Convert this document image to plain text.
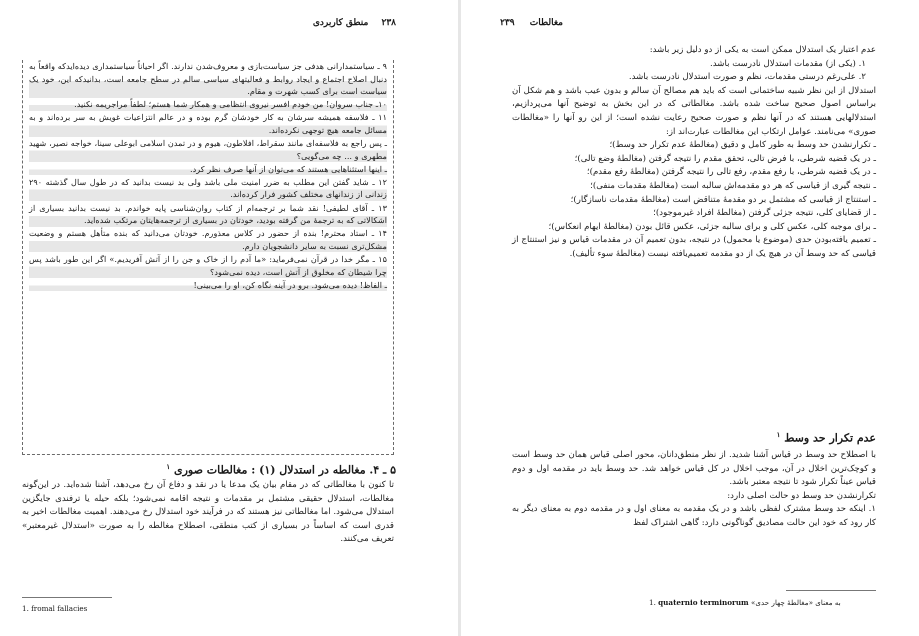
۲۳۸ منطق کاربردی

۹ ـ سیاستمدارانی هدفی جز سیاست‌بازی و معروف‌شدن ندارند. اگر احیاناً سیاستمداری دیده‌ایدکه واقعاً به دنبال اصلاح اجتماع و ایجاد روابط و فعالیتهای سیاسی سالم در سطح جامعه است، بدانیدکه این، خود یک سیاست است برای کسب شهرت و مقام.

۱۰ـ جناب سروان! من خودم افسر نیروی انتظامی و همکار شما هستم؛ لطفاً مراجریمه نکنید.

۱۱ ـ فلاسفه همیشه سرشان به کار خودشان گرم بوده و در عالم انتزاعیات غویش به سر برده‌اند و به مسائل جامعه هیچ توجهی نکرده‌اند.

ـ پس راجع به فلاسفه‌ای مانند سقراط، افلاطون، هیوم و در تمدن اسلامی ابوعلی سینا، خواجه نصیر، شهید مطهری و ... چه می‌گویی؟

ـ اینها استثناهایی هستند که می‌توان از آنها صرف نظر کرد.

۱۲ ـ شاید گفتن این مطلب به ضرر امنیت ملی باشد ولی بد نیست بدانید که در طول سال گذشته ۲۹۰ زندانی از زندانهای مختلف کشور فرار کرده‌اند.

۱۳ ـ آقای لطیفی! نقد شما بر ترجمه‌ام از کتاب روان‌شناسی پایه خواندم. بد نیست بدانید بسیاری از اشکالاتی که به ترجمهٔ من گرفته بودید، خودتان در بسیاری از ترجمه‌هایتان مرتکب شده‌اید.

۱۴ ـ استاد محترم! بنده از حضور در کلاس معذورم. خودتان می‌دانید که بنده متأهل هستم و وضعیت مشکل‌تری نسبت به سایر دانشجویان دارم.

۱۵ ـ مگر خدا در قرآن نمی‌فرماید: «ما آدم را از خاک و جن را از آتش آفریدیم.» اگر این طور باشد پس چرا شیطان که مخلوق از آتش است، دیده نمی‌شود؟

ـ الفاظ! دیده می‌شود. برو در آینه نگاه کن، او را می‌بینی!

۵ ـ ۴. مغالطه در استدلال (۱) : مغالطات صوری $^۱$

تا کنون با مغالطاتی که در مقام بیان یک مدعا یا در نقد و دفاع آن رخ می‌دهد، آشنا شده‌اید. در این‌گونه مغالطات، استدلال حقیقی مشتمل بر مقدمات و نتیجه اقامه نمی‌شود؛ بلکه حیله یا ترفندی جایگزین استدلال می‌شود. اما مغالطاتی نیز هستند که در فرآیند خود استدلال رخ می‌دهند. اهمیت مغالطات اخیر به قدری است که اساساً در بسیاری از کتب منطقی، اصطلاح مغالطه را به صورت «استدلال غیرمعتبر» تعریف می‌کنند.

1. fromal fallacies
مغالطات ۲۳۹

عدم اعتبار یک استدلال ممکن است به یکی از دو دلیل زیر باشد:

۱. (یکی از) مقدمات استدلال نادرست باشد.

۲. علی‌رغم درستی مقدمات، نظم و صورت استدلال نادرست باشد.

استدلال از این نظر شبیه ساختمانی است که باید هم مصالح آن سالم و بدون عیب باشد و هم شکل آن براساس اصول صحیح ساخت شده باشد. مغالطاتی که در این بخش به توضیح آنها می‌پردازیم، استدلالهایی هستند که در آنها نظم و صورت صحیح رعایت نشده است؛ از این رو آنها را «مغالطات صوری» می‌نامند. عوامل ارتکاب این مغالطات عبارت‌اند از:

ـ تکرارنشدن حد وسط به طور کامل و دقیق (مغالطهٔ عدم تکرار حد وسط)؛

ـ در یک قضیه شرطی، با فرض تالی، تحقق مقدم را نتیجه گرفتن (مغالطهٔ وضع تالی)؛

ـ در یک قضیه شرطی، با رفع مقدم، رفع تالی را نتیجه گرفتن (مغالطهٔ رفع مقدم)؛

ـ نتیجه گیری از قیاسی که هر دو مقدمه‌اش سالبه است (مغالطهٔ مقدمات منفی)؛

ـ استنتاج از قیاسی که مشتمل بر دو مقدمهٔ متناقض است (مغالطهٔ مقدمات ناسازگار)؛

ـ از قضایای کلی، نتیجه جزئی گرفتن (مغالطهٔ افراد غیرموجود)؛

ـ برای موجبه کلی، عکس کلی و برای سالبه جزئی، عکس قائل بودن (مغالطهٔ ایهام انعکاس)؛

ـ تعمیم یافته‌بودن حدی (موضوع یا محمول) در نتیجه، بدون تعمیم آن در مقدمات قیاس و نیز استنتاج از قیاسی که حد وسط آن در هیچ یک از دو مقدمه تعمیم‌یافته نیست (مغالطهٔ سوء تألیف).

عدم تکرار حد وسط $^۱$

با اصطلاح حد وسط در قیاس آشنا شدید. از نظر منطق‌دانان، محور اصلی قیاس همان حد وسط است و کوچک‌ترین اخلال در آن، موجب اخلال در کل قیاس خواهد شد. حد وسط باید در مقدمه اول و دوم قیاس عیناً تکرار شود تا نتیجه معتبر باشد.

تکرارنشدن حد وسط دو حالت اصلی دارد:

۱. اینکه حد وسط مشترک لفظی باشد و در یک مقدمه به معنای اول و در مقدمه دوم به معنای دیگر به کار رود که خود این حالت مصادیق گوناگونی دارد: گاهی اشتراک لفظ

1. quaternio terminorum به معنای «مغالطهٔ چهار حدی»
